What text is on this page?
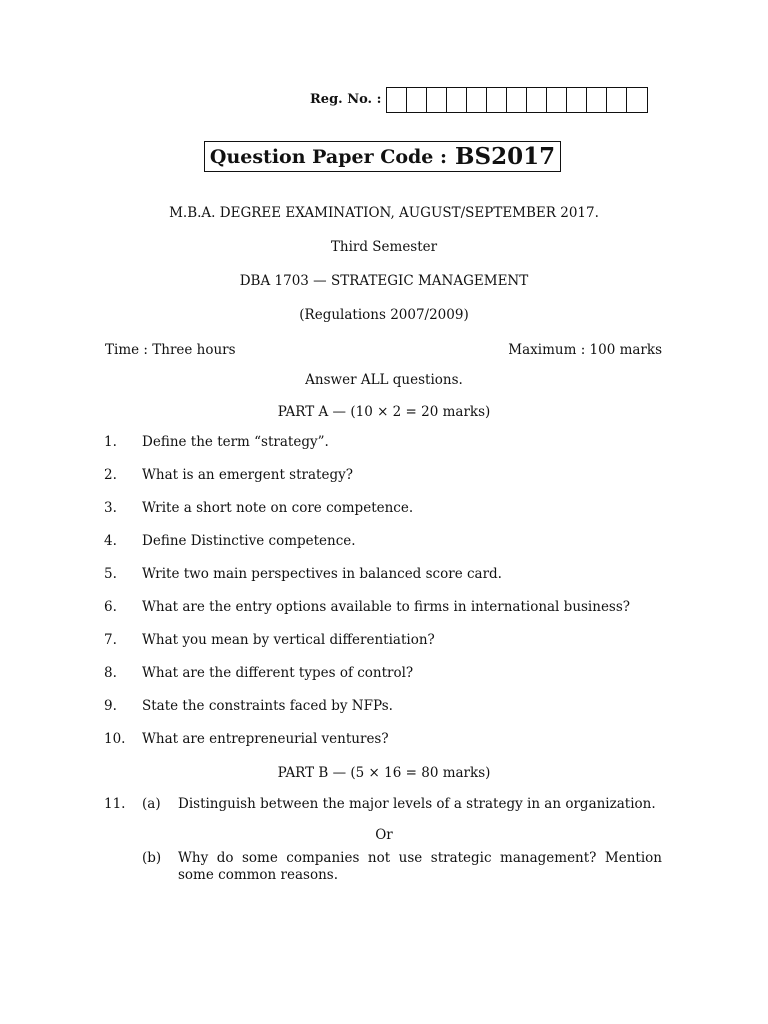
Reg. No. :
Question Paper Code : BS2017
M.B.A. DEGREE EXAMINATION, AUGUST/SEPTEMBER 2017.
Third Semester
DBA 1703 — STRATEGIC MANAGEMENT
(Regulations 2007/2009)
Time : Three hours	Maximum : 100 marks
Answer ALL questions.
PART A — (10 × 2 = 20 marks)
1. Define the term “strategy”.
2. What is an emergent strategy?
3. Write a short note on core competence.
4. Define Distinctive competence.
5. Write two main perspectives in balanced score card.
6. What are the entry options available to firms in international business?
7. What you mean by vertical differentiation?
8. What are the different types of control?
9. State the constraints faced by NFPs.
10. What are entrepreneurial ventures?
PART B — (5 × 16 = 80 marks)
11. (a) Distinguish between the major levels of a strategy in an organization.
Or
(b) Why do some companies not use strategic management? Mention some common reasons.
